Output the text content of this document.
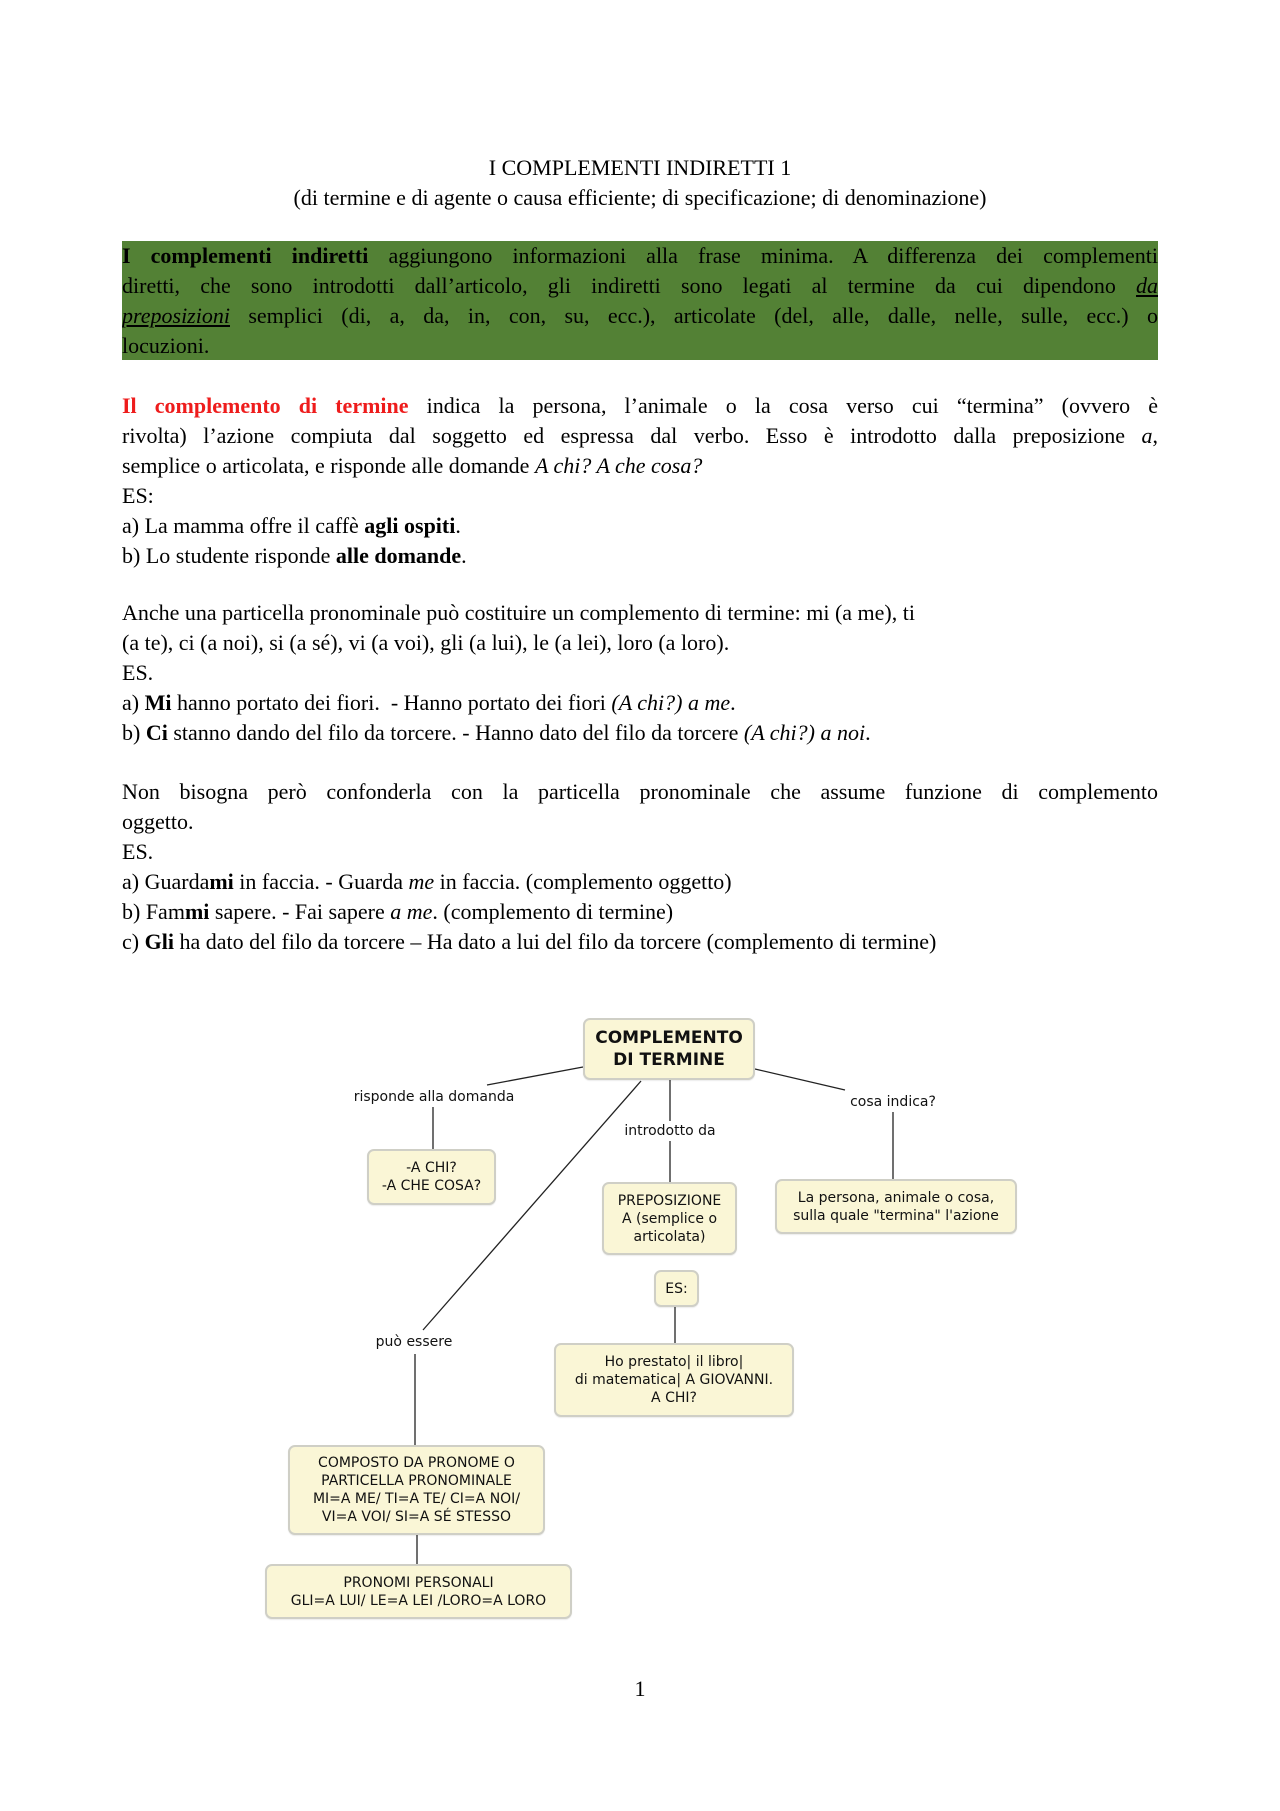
I COMPLEMENTI INDIRETTI 1
(di termine e di agente o causa efficiente; di specificazione; di denominazione)
I complementi indiretti aggiungono informazioni alla frase minima. A differenza dei complementi
diretti, che sono introdotti dall’articolo, gli indiretti sono legati al termine da cui dipendono da
preposizioni semplici (di, a, da, in, con, su, ecc.), articolate (del, alle, dalle, nelle, sulle, ecc.) o
locuzioni.
Il complemento di termine indica la persona, l’animale o la cosa verso cui “termina” (ovvero è
rivolta) l’azione compiuta dal soggetto ed espressa dal verbo. Esso è introdotto dalla preposizione a,
semplice o articolata, e risponde alle domande A chi? A che cosa?
ES:
a) La mamma offre il caffè agli ospiti.
b) Lo studente risponde alle domande.
Anche una particella pronominale può costituire un complemento di termine: mi (a me), ti
(a te), ci (a noi), si (a sé), vi (a voi), gli (a lui), le (a lei), loro (a loro).
ES.
a) Mi hanno portato dei fiori.  - Hanno portato dei fiori (A chi?) a me.
b) Ci stanno dando del filo da torcere. - Hanno dato del filo da torcere (A chi?) a noi.
Non bisogna però confonderla con la particella pronominale che assume funzione di complemento
oggetto.
ES.
a) Guardami in faccia. - Guarda me in faccia. (complemento oggetto)
b) Fammi sapere. - Fai sapere a me. (complemento di termine)
c) Gli ha dato del filo da torcere – Ha dato a lui del filo da torcere (complemento di termine)
COMPLEMENTO
DI TERMINE
risponde alla domanda
introdotto da
cosa indica?
può essere
-A CHI?
-A CHE COSA?
PREPOSIZIONE
A (semplice o
articolata)
La persona, animale o cosa,
sulla quale "termina" l'azione
ES:
Ho prestato| il libro|
di matematica| A GIOVANNI.
A CHI?
COMPOSTO DA PRONOME O
PARTICELLA PRONOMINALE
MI=A ME/ TI=A TE/ CI=A NOI/
VI=A VOI/ SI=A SÉ STESSO
PRONOMI PERSONALI
GLI=A LUI/ LE=A LEI /LORO=A LORO
1
